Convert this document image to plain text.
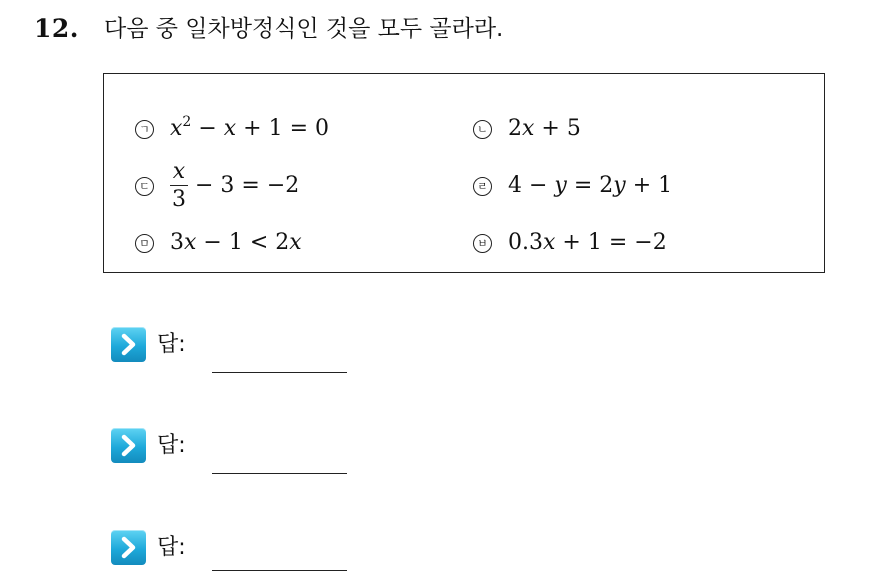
12. 다음 중 일차방정식인 것을 모두 골라라.
ㄱ $x^2 - x + 1 = 0$	ㄴ 2x + 5
ㄷ $\frac{x}{3} - 3 = -2$	ㄹ 4 − y = 2y + 1
ㅁ 3x − 1 < 2x	ㅂ 0.3x + 1 = −2
답:
답:
답:
